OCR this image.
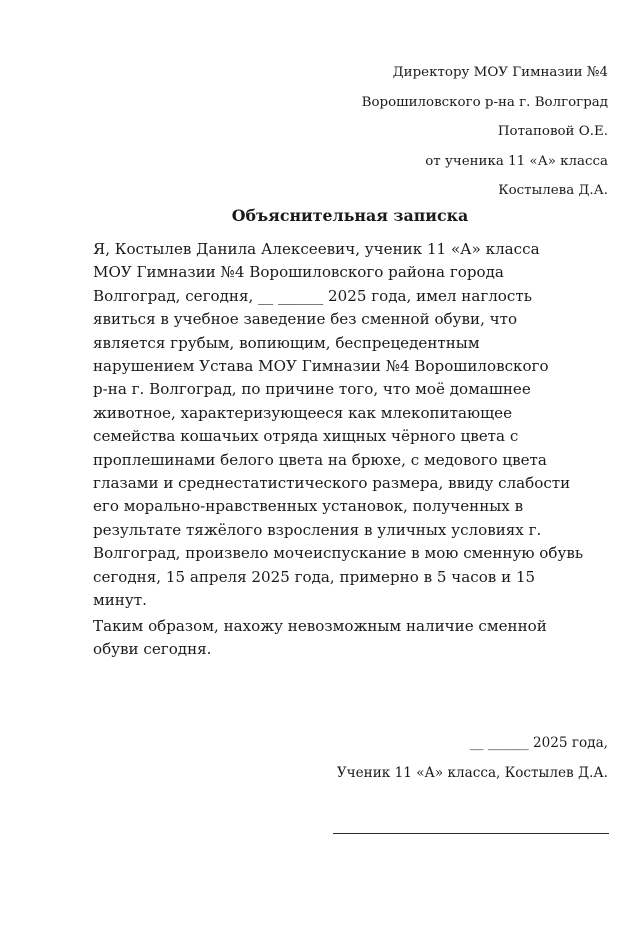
Директору МОУ Гимназии №4
Ворошиловского р-на г. Волгоград
Потаповой О.Е.
от ученика 11 «А» класса
Костылева Д.А.
Объяснительная записка
Я, Костылев Данила Алексеевич, ученик 11 «А» класса
МОУ Гимназии №4 Ворошиловского района города
Волгоград, сегодня, __ ______ 2025 года, имел наглость
явиться в учебное заведение без сменной обуви, что
является грубым, вопиющим, беспрецедентным
нарушением Устава МОУ Гимназии №4 Ворошиловского
р-на г. Волгоград, по причине того, что моё домашнее
животное, характеризующееся как млекопитающее
семейства кошачьих отряда хищных чёрного цвета с
проплешинами белого цвета на брюхе, с медового цвета
глазами и среднестатистического размера, ввиду слабости
его морально-нравственных установок, полученных в
результате тяжёлого взросления в уличных условиях г.
Волгоград, произвело мочеиспускание в мою сменную обувь
сегодня, 15 апреля 2025 года, примерно в 5 часов и 15
минут.
Таким образом, нахожу невозможным наличие сменной
обуви сегодня.
__ ______ 2025 года,
Ученик 11 «А» класса, Костылев Д.А.
